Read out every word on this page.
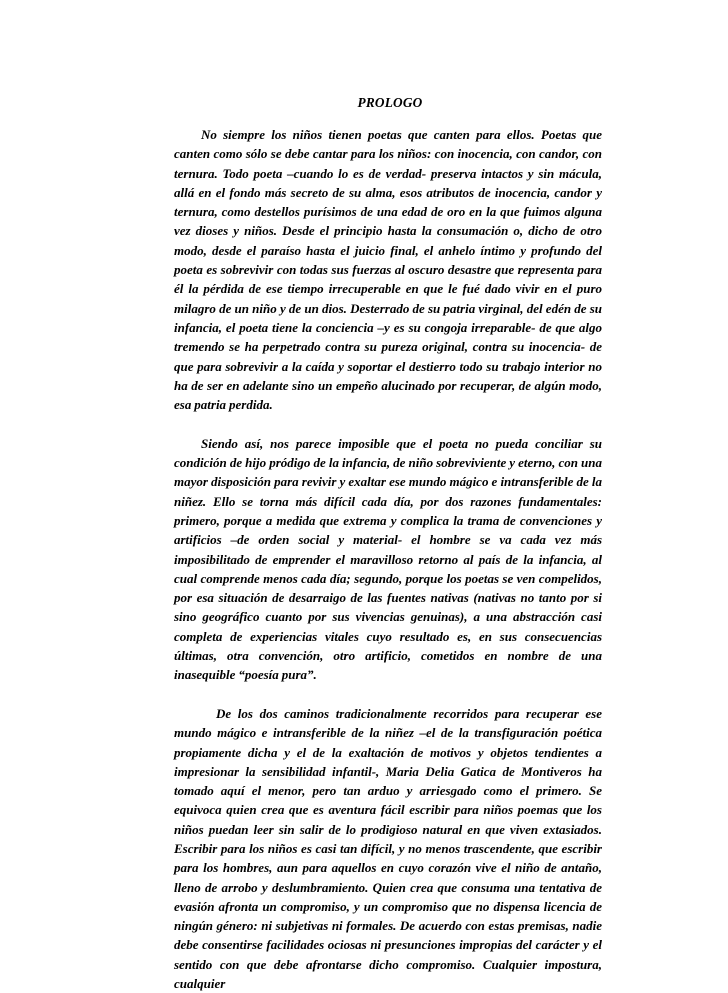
PROLOGO

No siempre los niños tienen poetas que canten para ellos. Poetas que canten como sólo se debe cantar para los niños: con inocencia, con candor, con ternura. Todo poeta –cuando lo es de verdad- preserva intactos y sin mácula, allá en el fondo más secreto de su alma, esos atributos de inocencia, candor y ternura, como destellos purísimos de una edad de oro en la que fuimos alguna vez dioses y niños. Desde el principio hasta la consumación o, dicho de otro modo, desde el paraíso hasta el juicio final, el anhelo íntimo y profundo del poeta es sobrevivir con todas sus fuerzas al oscuro desastre que representa para él la pérdida de ese tiempo irrecuperable en que le fué dado vivir en el puro milagro de un niño y de un dios. Desterrado de su patria virginal, del edén de su infancia, el poeta tiene la conciencia –y es su congoja irreparable- de que algo tremendo se ha perpetrado contra su pureza original, contra su inocencia- de que para sobrevivir a la caída y soportar el destierro todo su trabajo interior no ha de ser en adelante sino un empeño alucinado por recuperar, de algún modo, esa patria perdida.

Siendo así, nos parece imposible que el poeta no pueda conciliar su condición de hijo pródigo de la infancia, de niño sobreviviente y eterno, con una mayor disposición para revivir y exaltar ese mundo mágico e intransferible de la niñez. Ello se torna más difícil cada día, por dos razones fundamentales: primero, porque a medida que extrema y complica la trama de convenciones y artificios –de orden social y material- el hombre se va cada vez más imposibilitado de emprender el maravilloso retorno al país de la infancia, al cual comprende menos cada día; segundo, porque los poetas se ven compelidos, por esa situación de desarraigo de las fuentes nativas (nativas no tanto por si sino geográfico cuanto por sus vivencias genuinas), a una abstracción casi completa de experiencias vitales cuyo resultado es, en sus consecuencias últimas, otra convención, otro artificio, cometidos en nombre de una inasequible “poesía pura”.

De los dos caminos tradicionalmente recorridos para recuperar ese mundo mágico e intransferible de la niñez –el de la transfiguración poética propiamente dicha y el de la exaltación de motivos y objetos tendientes a impresionar la sensibilidad infantil-, Maria Delia Gatica de Montiveros ha tomado aquí el menor, pero tan arduo y arriesgado como el primero. Se equivoca quien crea que es aventura fácil escribir para niños poemas que los niños puedan leer sin salir de lo prodigioso natural en que viven extasiados. Escribir para los niños es casi tan difícil, y no menos trascendente, que escribir para los hombres, aun para aquellos en cuyo corazón vive el niño de antaño, lleno de arrobo y deslumbramiento. Quien crea que consuma una tentativa de evasión afronta un compromiso, y un compromiso que no dispensa licencia de ningún género: ni subjetivas ni formales. De acuerdo con estas premisas, nadie debe consentirse facilidades ociosas ni presunciones impropias del carácter y el sentido con que debe afrontarse dicho compromiso. Cualquier impostura, cualquier
